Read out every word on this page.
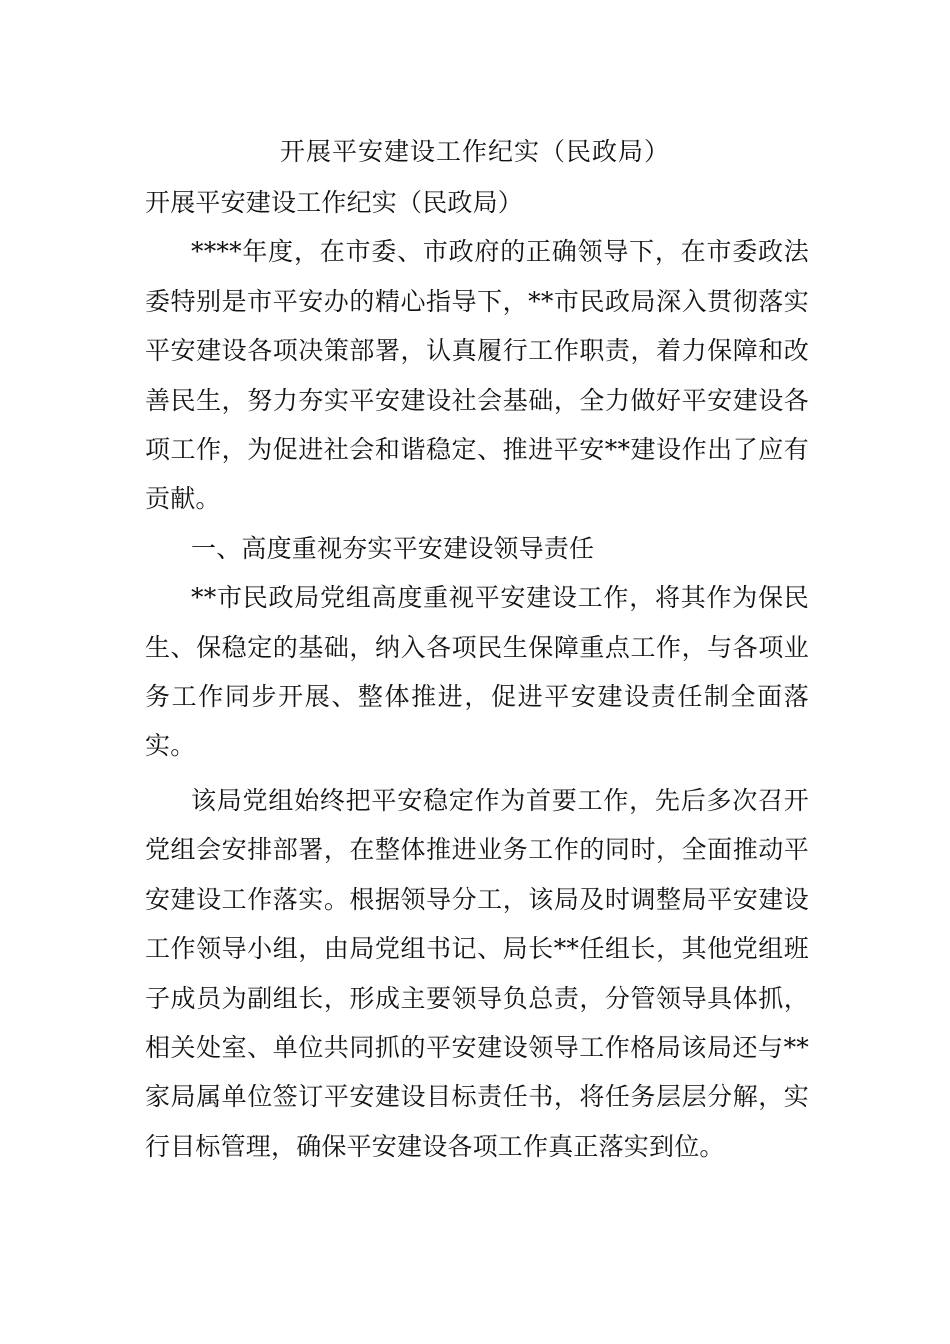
开展平安建设工作纪实（民政局）

开展平安建设工作纪实（民政局）

****年度，在市委、市政府的正确领导下，在市委政法委特别是市平安办的精心指导下，**市民政局深入贯彻落实平安建设各项决策部署，认真履行工作职责，着力保障和改善民生，努力夯实平安建设社会基础，全力做好平安建设各项工作，为促进社会和谐稳定、推进平安**建设作出了应有贡献。

一、高度重视夯实平安建设领导责任

**市民政局党组高度重视平安建设工作，将其作为保民生、保稳定的基础，纳入各项民生保障重点工作，与各项业务工作同步开展、整体推进，促进平安建设责任制全面落实。

该局党组始终把平安稳定作为首要工作，先后多次召开党组会安排部署，在整体推进业务工作的同时，全面推动平安建设工作落实。根据领导分工，该局及时调整局平安建设工作领导小组，由局党组书记、局长**任组长，其他党组班子成员为副组长，形成主要领导负总责，分管领导具体抓，相关处室、单位共同抓的平安建设领导工作格局该局还与**家局属单位签订平安建设目标责任书，将任务层层分解，实行目标管理，确保平安建设各项工作真正落实到位。
